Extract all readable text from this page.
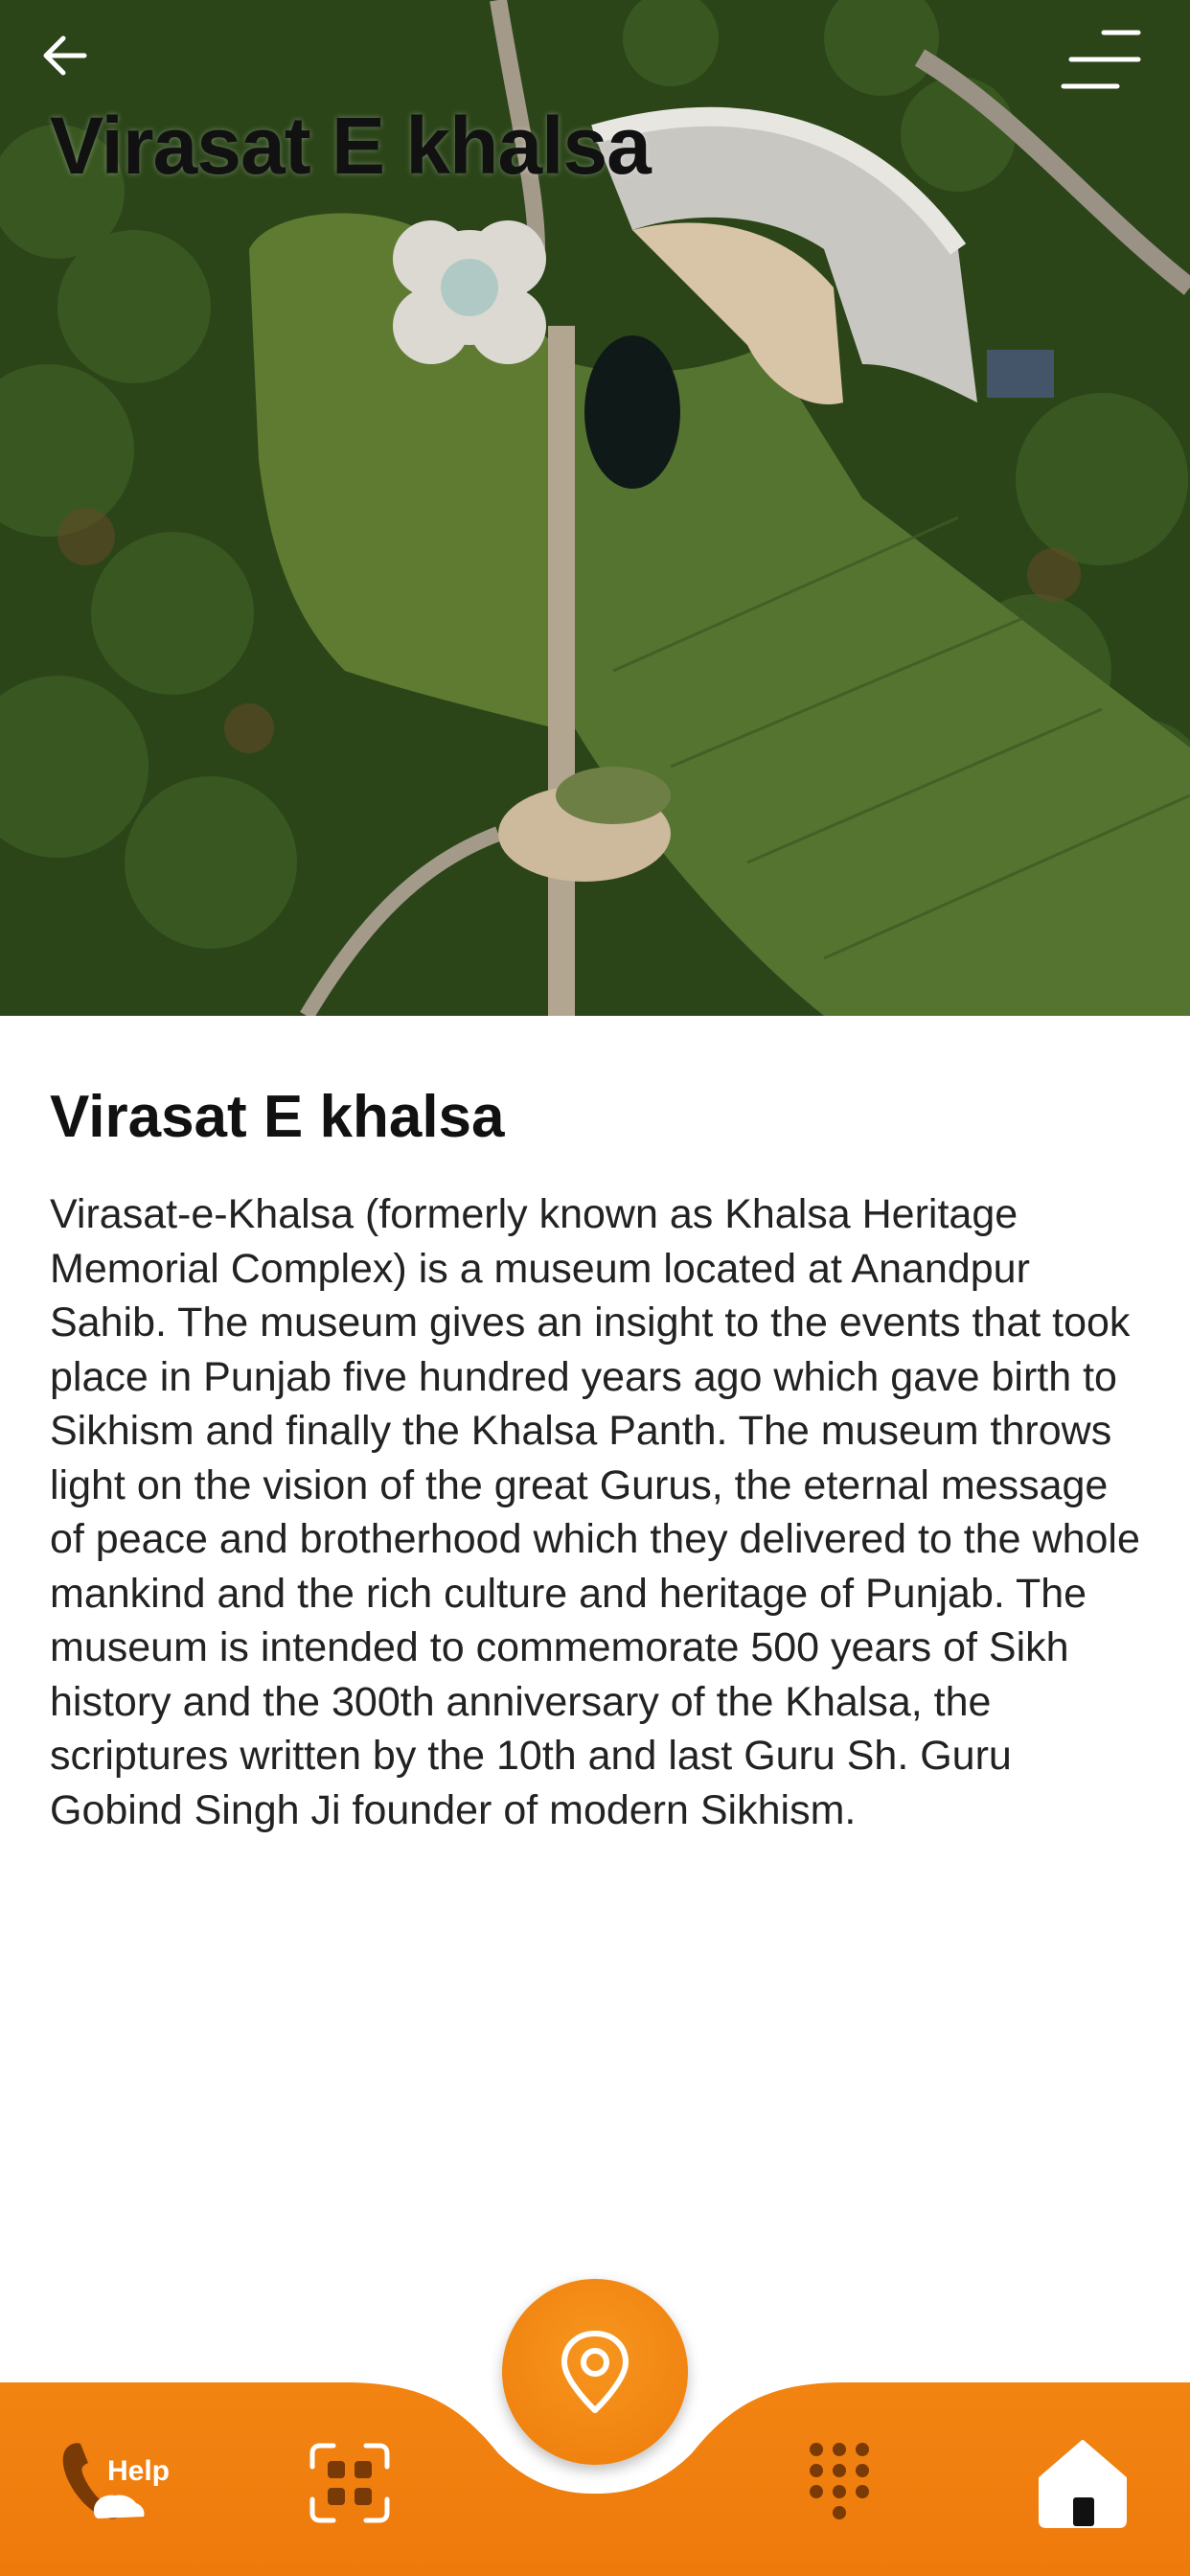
Virasat E khalsa
Virasat E khalsa

Virasat-e-Khalsa (formerly known as Khalsa Heritage Memorial Complex) is a museum located at Anandpur Sahib. The museum gives an insight to the events that took place in Punjab five hundred years ago which gave birth to Sikhism and finally the Khalsa Panth. The museum throws light on the vision of the great Gurus, the eternal message of peace and brotherhood which they delivered to the whole mankind and the rich culture and heritage of Punjab. The museum is intended to commemorate 500 years of Sikh history and the 300th anniversary of the Khalsa, the scriptures written by the 10th and last Guru Sh. Guru Gobind Singh Ji founder of modern Sikhism.

Help
